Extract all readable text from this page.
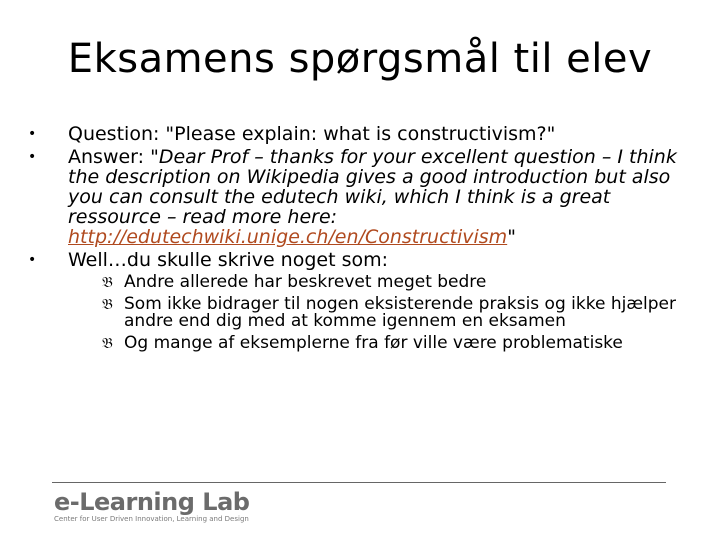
Eksamens spørgsmål til elev
• Question: "Please explain: what is constructivism?"
• Answer: "Dear Prof – thanks for your excellent question – I think the description on Wikipedia gives a good introduction but also you can consult the edutech wiki, which I think is a great ressource – read more here: http://edutechwiki.unige.ch/en/Constructivism"
• Well…du skulle skrive noget som:
𝔅 Andre allerede har beskrevet meget bedre
𝔅 Som ikke bidrager til nogen eksisterende praksis og ikke hjælper andre end dig med at komme igennem en eksamen
𝔅 Og mange af eksemplerne fra før ville være problematiske
e-Learning Lab
Center for User Driven Innovation, Learning and Design
